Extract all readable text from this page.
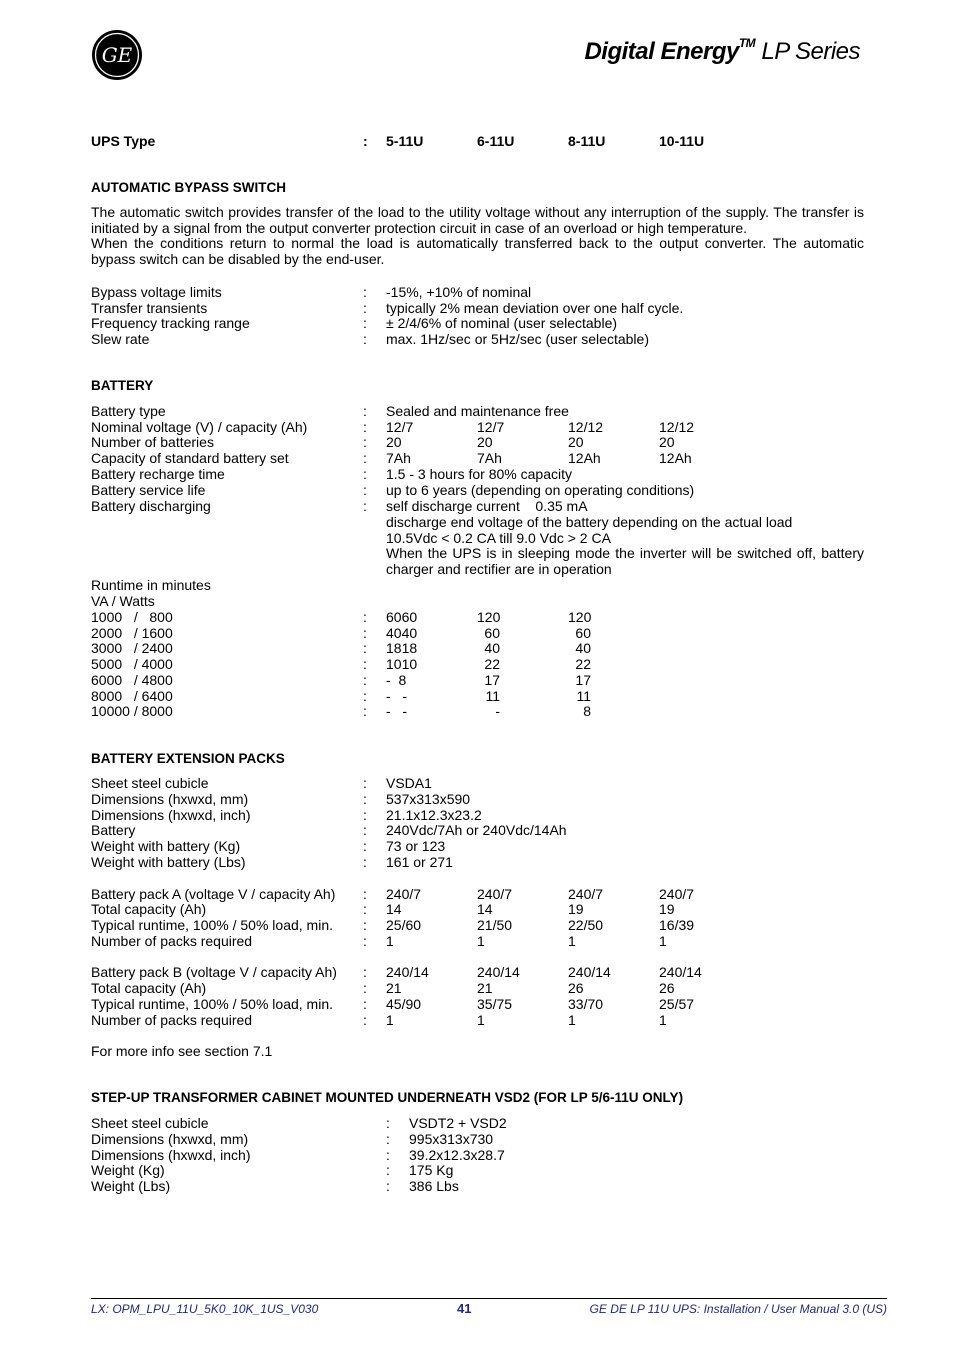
GE	Digital Energy™ LP Series
UPS Type	: 5-11U	6-11U	8-11U	10-11U
AUTOMATIC BYPASS SWITCH
The automatic switch provides transfer of the load to the utility voltage without any interruption of the supply. The transfer is initiated by a signal from the output converter protection circuit in case of an overload or high temperature.
When the conditions return to normal the load is automatically transferred back to the output converter. The automatic bypass switch can be disabled by the end-user.
Bypass voltage limits	: -15%, +10% of nominal
Transfer transients	: typically 2% mean deviation over one half cycle.
Frequency tracking range	: ± 2/4/6% of nominal (user selectable)
Slew rate	: max. 1Hz/sec or 5Hz/sec (user selectable)
BATTERY
Battery type	: Sealed and maintenance free
Nominal voltage (V) / capacity (Ah)	: 12/7	12/7	12/12	12/12
Number of batteries	: 20	20	20	20
Capacity of standard battery set	: 7Ah	7Ah	12Ah	12Ah
Battery recharge time	: 1.5 - 3 hours for 80% capacity
Battery service life	: up to 6 years (depending on operating conditions)
Battery discharging	: self discharge current    0.35 mA
discharge end voltage of the battery depending on the actual load
10.5Vdc < 0.2 CA till 9.0 Vdc > 2 CA
When the UPS is in sleeping mode the inverter will be switched off, battery charger and rectifier are in operation
Runtime in minutes
VA / Watts
1000   /   800	: 6060	120	120
2000   / 1600	: 4040	60	60
3000   / 2400	: 1818	40	40
5000   / 4000	: 1010	22	22
6000   / 4800	: -  8	17	17
8000   / 6400	: -   -	11	11
10000 / 8000	: -   -	-	8
BATTERY EXTENSION PACKS
Sheet steel cubicle	: VSDA1
Dimensions (hxwxd, mm)	: 537x313x590
Dimensions (hxwxd, inch)	: 21.1x12.3x23.2
Battery	: 240Vdc/7Ah or 240Vdc/14Ah
Weight with battery (Kg)	: 73 or 123
Weight with battery (Lbs)	: 161 or 271
Battery pack A (voltage V / capacity Ah) : 240/7	240/7	240/7	240/7
Total capacity (Ah)	: 14	14	19	19
Typical runtime, 100% / 50% load, min. : 25/60	21/50	22/50	16/39
Number of packs required	: 1	1	1	1
Battery pack B (voltage V / capacity Ah) : 240/14	240/14	240/14	240/14
Total capacity (Ah)	: 21	21	26	26
Typical runtime, 100% / 50% load, min. : 45/90	35/75	33/70	25/57
Number of packs required	: 1	1	1	1
For more info see section 7.1
STEP-UP TRANSFORMER CABINET MOUNTED UNDERNEATH VSD2 (FOR LP 5/6-11U ONLY)
Sheet steel cubicle	: VSDT2 + VSD2
Dimensions (hxwxd, mm)	: 995x313x730
Dimensions (hxwxd, inch)	: 39.2x12.3x28.7
Weight (Kg)	: 175 Kg
Weight (Lbs)	: 386 Lbs
LX: OPM_LPU_11U_5K0_10K_1US_V030	41	GE DE LP 11U UPS: Installation / User Manual 3.0 (US)
